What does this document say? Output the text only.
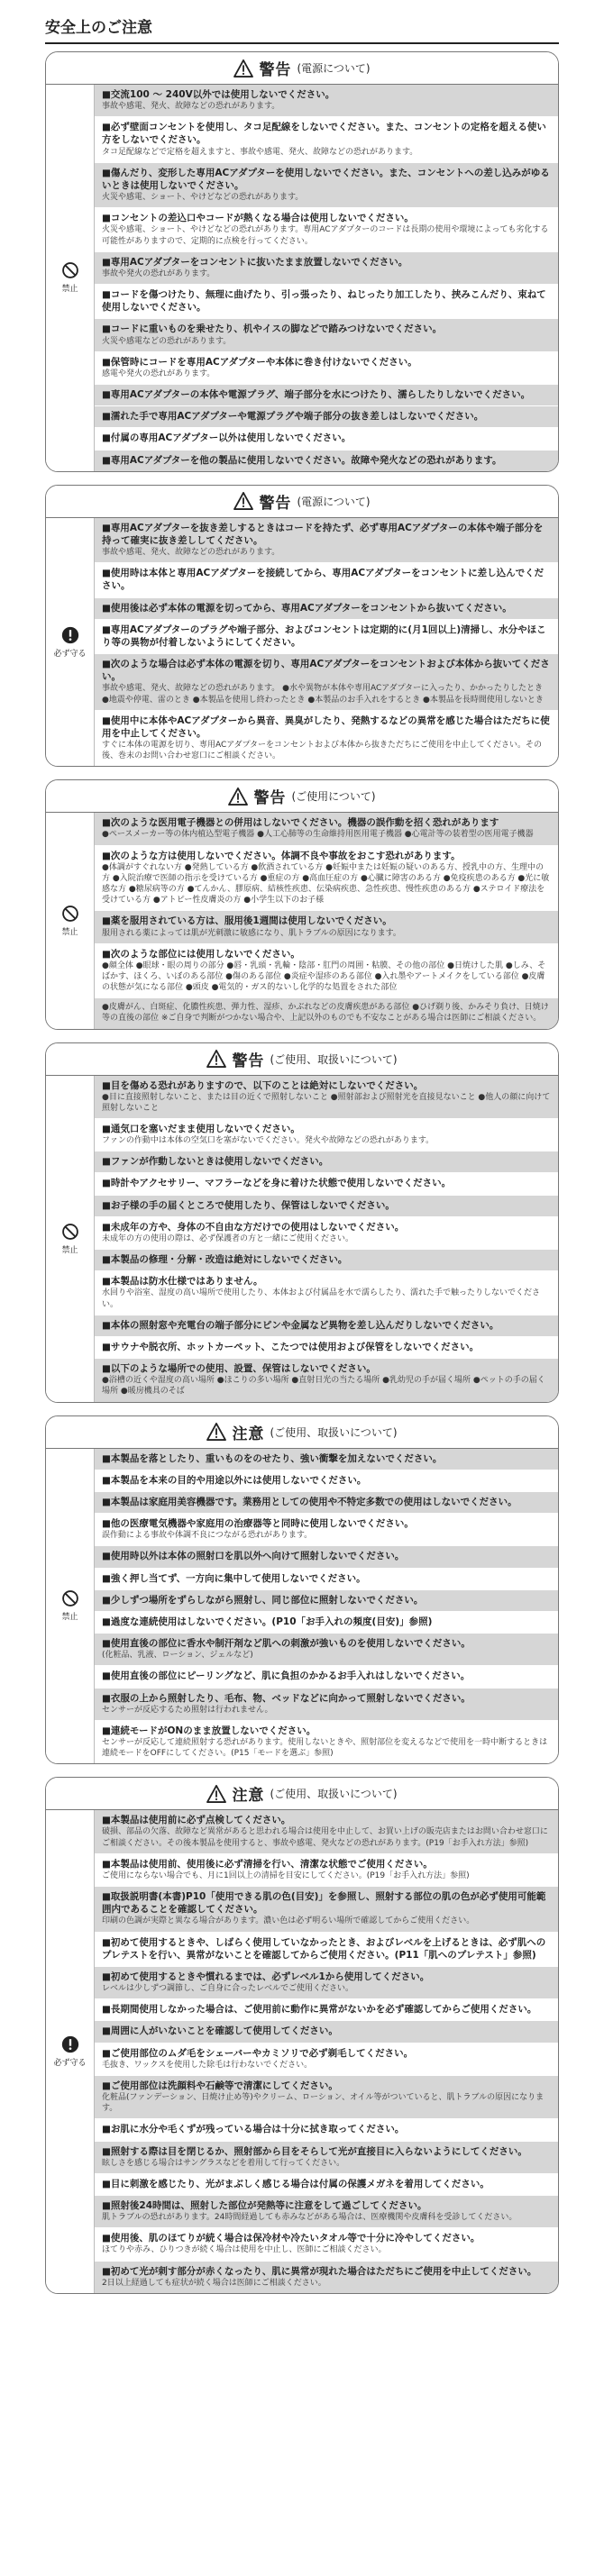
安全上のご注意
警告 (電源について)
禁止
■交流100 ～ 240V以外では使用しないでください。
事故や感電、発火、故障などの恐れがあります。
■必ず壁面コンセントを使用し、タコ足配線をしないでください。また、コンセントの定格を超える使い方をしないでください。
タコ足配線などで定格を超えますと、事故や感電、発火、故障などの恐れがあります。
■傷んだり、変形した専用ACアダプターを使用しないでください。また、コンセントへの差し込みがゆるいときは使用しないでください。
火災や感電、ショート、やけどなどの恐れがあります。
■コンセントの差込口やコードが熱くなる場合は使用しないでください。
火災や感電、ショート、やけどなどの恐れがあります。専用ACアダプターのコードは長期の使用や環境によっても劣化する可能性がありますので、定期的に点検を行ってください。
■専用ACアダプターをコンセントに抜いたまま放置しないでください。
事故や発火の恐れがあります。
■コードを傷つけたり、無理に曲げたり、引っ張ったり、ねじったり加工したり、挟みこんだり、束ねて使用しないでください。
■コードに重いものを乗せたり、机やイスの脚などで踏みつけないでください。
火災や感電などの恐れがあります。
■保管時にコードを専用ACアダプターや本体に巻き付けないでください。
感電や発火の恐れがあります。
■専用ACアダプターの本体や電源プラグ、端子部分を水につけたり、濡らしたりしないでください。
■濡れた手で専用ACアダプターや電源プラグや端子部分の抜き差しはしないでください。
■付属の専用ACアダプター以外は使用しないでください。
■専用ACアダプターを他の製品に使用しないでください。故障や発火などの恐れがあります。
警告 (電源について)
必ず守る
■専用ACアダプターを抜き差しするときはコードを持たず、必ず専用ACアダプターの本体や端子部分を持って確実に抜き差ししてください。
事故や感電、発火、故障などの恐れがあります。
■使用時は本体と専用ACアダプターを接続してから、専用ACアダプターをコンセントに差し込んでください。
■使用後は必ず本体の電源を切ってから、専用ACアダプターをコンセントから抜いてください。
■専用ACアダプターのプラグや端子部分、およびコンセントは定期的に(月1回以上)清掃し、水分やほこり等の異物が付着しないようにしてください。
■次のような場合は必ず本体の電源を切り、専用ACアダプターをコンセントおよび本体から抜いてください。
事故や感電、発火、故障などの恐れがあります。 ●水や異物が本体や専用ACアダプターに入ったり、かかったりしたとき ●地震や停電、雷のとき ●本製品を使用し終わったとき ●本製品のお手入れをするとき ●本製品を長時間使用しないとき
■使用中に本体やACアダプターから異音、異臭がしたり、発熱するなどの異常を感じた場合はただちに使用を中止してください。
すぐに本体の電源を切り、専用ACアダプターをコンセントおよび本体から抜きただちにご使用を中止してください。その後、巻末のお問い合わせ窓口にご相談ください。
警告 (ご使用について)
禁止
■次のような医用電子機器との併用はしないでください。機器の誤作動を招く恐れがあります
●ペースメーカー等の体内植込型電子機器 ●人工心肺等の生命維持用医用電子機器 ●心電計等の装着型の医用電子機器
■次のような方は使用しないでください。体調不良や事故をおこす恐れがあります。
●体調がすぐれない方 ●発熱している方 ●飲酒されている方 ●妊娠中または妊娠の疑いのある方、授乳中の方、生理中の方 ●入院治療で医師の指示を受けている方 ●重症の方 ●高血圧症の方 ●心臓に障害のある方 ●免疫疾患のある方 ●光に敏感な方 ●糖尿病等の方 ●てんかん、膠原病、結核性疾患、伝染病疾患、急性疾患、慢性疾患のある方 ●ステロイド療法を受けている方 ●アトピー性皮膚炎の方 ●小学生以下のお子様
■薬を服用されている方は、服用後1週間は使用しないでください。
服用される薬によっては肌が光刺激に敏感になり、肌トラブルの原因になります。
■次のような部位には使用しないでください。
●顔全体 ●眼球・眼の周りの部分 ●唇・乳頭・乳輪・陰部・肛門の周囲・粘膜、その他の部位 ●日焼けした肌 ●しみ、そばかす、ほくろ、いぼのある部位 ●傷のある部位 ●炎症や湿疹のある部位 ●入れ墨やアートメイクをしている部位 ●皮膚の状態が気になる部位 ●頭皮 ●電気的・ガス的ないし化学的な処置をされた部位
●皮膚がん、白斑症、化膿性疾患、弾力性、湿疹、かぶれなどの皮膚疾患がある部位 ●ひげ剃り後、かみそり負け、日焼け等の直後の部位 ※ご自身で判断がつかない場合や、上記以外のものでも不安なことがある場合は医師にご相談ください。
警告 (ご使用、取扱いについて)
禁止
■目を傷める恐れがありますので、以下のことは絶対にしないでください。
●目に直接照射しないこと、または目の近くで照射しないこと ●照射部および照射光を直接見ないこと ●他人の顔に向けて照射しないこと
■通気口を塞いだまま使用しないでください。
ファンの作動中は本体の空気口を塞がないでください。発火や故障などの恐れがあります。
■ファンが作動しないときは使用しないでください。
■時計やアクセサリー、マフラーなどを身に着けた状態で使用しないでください。
■お子様の手の届くところで使用したり、保管はしないでください。
■未成年の方や、身体の不自由な方だけでの使用はしないでください。
未成年の方の使用の際は、必ず保護者の方と一緒にご使用ください。
■本製品の修理・分解・改造は絶対にしないでください。
■本製品は防水仕様ではありません。
水回りや浴室、湿度の高い場所で使用したり、本体および付属品を水で濡らしたり、濡れた手で触ったりしないでください。
■本体の照射窓や充電台の端子部分にピンや金属など異物を差し込んだりしないでください。
■サウナや脱衣所、ホットカーペット、こたつでは使用および保管をしないでください。
■以下のような場所での使用、設置、保管はしないでください。
●浴槽の近くや湿度の高い場所 ●ほこりの多い場所 ●直射日光の当たる場所 ●乳幼児の手が届く場所 ●ペットの手の届く場所 ●暖房機具のそば
注意 (ご使用、取扱いについて)
禁止
■本製品を落としたり、重いものをのせたり、強い衝撃を加えないでください。
■本製品を本来の目的や用途以外には使用しないでください。
■本製品は家庭用美容機器です。業務用としての使用や不特定多数での使用はしないでください。
■他の医療電気機器や家庭用の治療器等と同時に使用しないでください。
誤作動による事故や体調不良につながる恐れがあります。
■使用時以外は本体の照射口を肌以外へ向けて照射しないでください。
■強く押し当てず、一方向に集中して使用しないでください。
■少しずつ場所をずらしながら照射し、同じ部位に照射しないでください。
■過度な連続使用はしないでください。(P10「お手入れの頻度(目安)」参照)
■使用直後の部位に香水や制汗剤など肌への刺激が強いものを使用しないでください。
(化粧品、乳液、ローション、ジェルなど)
■使用直後の部位にピーリングなど、肌に負担のかかるお手入れはしないでください。
■衣服の上から照射したり、毛布、物、ベッドなどに向かって照射しないでください。
センサーが反応するため照射は行われません。
■連続モードがONのまま放置しないでください。
センサーが反応して連続照射する恐れがあります。使用しないときや、照射部位を変えるなどで使用を一時中断するときは連続モードをOFFにしてください。(P15「モードを選ぶ」参照)
注意 (ご使用、取扱いについて)
必ず守る
■本製品は使用前に必ず点検してください。
破損、部品の欠落、故障など異常があると思われる場合は使用を中止して、お買い上げの販売店またはお問い合わせ窓口にご相談ください。その後本製品を使用すると、事故や感電、発火などの恐れがあります。(P19「お手入れ方法」参照)
■本製品は使用前、使用後に必ず清掃を行い、清潔な状態でご使用ください。
ご使用にならない場合でも、月に1回以上の清掃を目安にしてください。(P19「お手入れ方法」参照)
■取扱説明書(本書)P10「使用できる肌の色(目安)」を参照し、照射する部位の肌の色が必ず使用可能範囲内であることを確認してください。
印刷の色調が実際と異なる場合があります。濃い色は必ず明るい場所で確認してからご使用ください。
■初めて使用するときや、しばらく使用していなかったとき、およびレベルを上げるときは、必ず肌へのプレテストを行い、異常がないことを確認してからご使用ください。(P11「肌へのプレテスト」参照)
■初めて使用するときや慣れるまでは、必ずレベル1から使用してください。
レベルは少しずつ調節し、ご自身に合ったレベルでご使用ください。
■長期間使用しなかった場合は、ご使用前に動作に異常がないかを必ず確認してからご使用ください。
■周囲に人がいないことを確認して使用してください。
■ご使用部位のムダ毛をシェーバーやカミソリで必ず剃毛してください。
毛抜き、ワックスを使用した除毛は行わないでください。
■ご使用部位は洗顔料や石鹸等で清潔にしてください。
化粧品(ファンデーション、日焼け止め等)やクリーム、ローション、オイル等がついていると、肌トラブルの原因になります。
■お肌に水分や毛くずが残っている場合は十分に拭き取ってください。
■照射する際は目を閉じるか、照射部から目をそらして光が直接目に入らないようにしてください。
眩しさを感じる場合はサングラスなどを着用して行ってください。
■目に刺激を感じたり、光がまぶしく感じる場合は付属の保護メガネを着用してください。
■照射後24時間は、照射した部位が発熱等に注意をして過ごしてください。
肌トラブルの恐れがあります。24時間経過しても赤みなどがある場合は、医療機関や皮膚科を受診してください。
■使用後、肌のほてりが続く場合は保冷材や冷たいタオル等で十分に冷やしてください。
ほてりや赤み、ひりつきが続く場合は使用を中止し、医師にご相談ください。
■初めて光が刺す部分が赤くなったり、肌に異常が現れた場合はただちにご使用を中止してください。
2日以上経過しても症状が続く場合は医師にご相談ください。
